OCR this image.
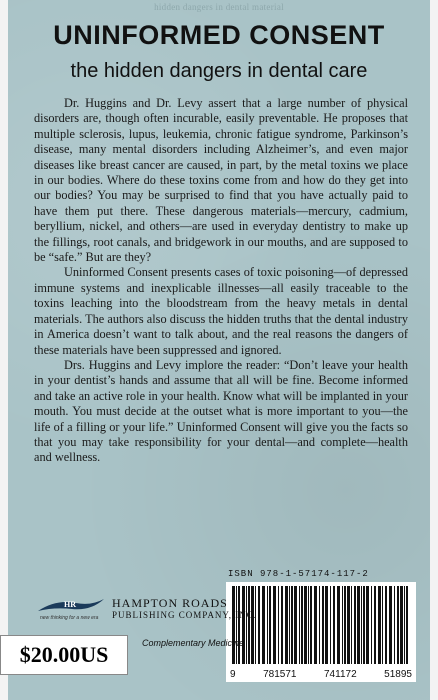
hidden dangers in dental material
UNINFORMED CONSENT
the hidden dangers in dental care

Dr. Huggins and Dr. Levy assert that a large number of physical disorders are, though often incurable, easily preventable. He proposes that multiple sclerosis, lupus, leukemia, chronic fatigue syndrome, Parkinson’s disease, many mental disorders including Alzheimer’s, and even major diseases like breast cancer are caused, in part, by the metal toxins we place in our bodies. Where do these toxins come from and how do they get into our bodies? You may be surprised to find that you have actually paid to have them put there. These dangerous materials—mercury, cadmium, beryllium, nickel, and others—are used in everyday dentistry to make up the fillings, root canals, and bridgework in our mouths, and are supposed to be “safe.” But are they?

Uninformed Consent presents cases of toxic poisoning—of depressed immune systems and inexplicable illnesses—all easily traceable to the toxins leaching into the bloodstream from the heavy metals in dental materials. The authors also discuss the hidden truths that the dental industry in America doesn’t want to talk about, and the real reasons the dangers of these materials have been suppressed and ignored.

Drs. Huggins and Levy implore the reader: “Don’t leave your health in your dentist’s hands and assume that all will be fine. Become informed and take an active role in your health. Know what will be implanted in your mouth. You must decide at the outset what is more important to you—the life of a filling or your life.” Uninformed Consent will give you the facts so that you may take responsibility for your dental—and complete—health and wellness.

ISBN 978-1-57174-117-2
9	781571	741172	51895
HR
new thinking for a new era
HAMPTON ROADS
PUBLISHING COMPANY, INC.
Complementary Medicine
$20.00US
